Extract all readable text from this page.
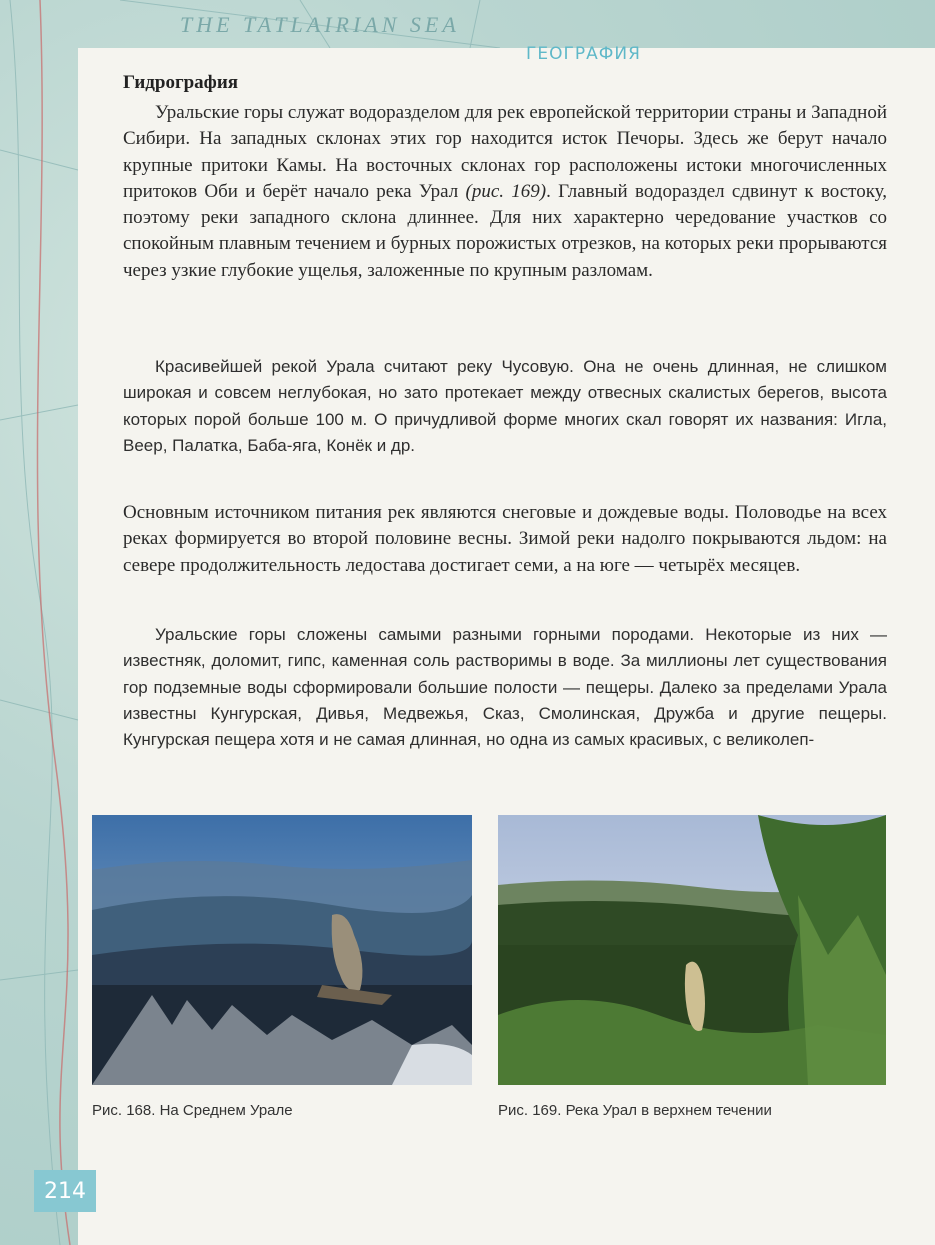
THE TATLAIRIAN SEA
ГЕОГРАФИЯ
Гидрография

Уральские горы служат водоразделом для рек европейской территории страны и Западной Сибири. На западных склонах этих гор находится исток Печоры. Здесь же берут начало крупные притоки Камы. На восточных склонах гор расположены истоки многочисленных притоков Оби и берёт начало река Урал (рис. 169). Главный водораздел сдвинут к востоку, поэтому реки западного склона длиннее. Для них характерно чередование участков со спокойным плавным течением и бурных порожистых отрезков, на которых реки прорываются через узкие глубокие ущелья, заложенные по крупным разломам.

Красивейшей рекой Урала считают реку Чусовую. Она не очень длинная, не слишком широкая и совсем неглубокая, но зато протекает между отвесных скалистых берегов, высота которых порой больше 100 м. О причудливой форме многих скал говорят их названия: Игла, Веер, Палатка, Баба-яга, Конёк и др.

Основным источником питания рек являются снеговые и дождевые воды. Половодье на всех реках формируется во второй половине весны. Зимой реки надолго покрываются льдом: на севере продолжительность ледостава достигает семи, а на юге — четырёх месяцев.

Уральские горы сложены самыми разными горными породами. Некоторые из них — известняк, доломит, гипс, каменная соль растворимы в воде. За миллионы лет существования гор подземные воды сформировали большие полости — пещеры. Далеко за пределами Урала известны Кунгурская, Дивья, Медвежья, Сказ, Смолинская, Дружба и другие пещеры. Кунгурская пещера хотя и не самая длинная, но одна из самых красивых, с великолеп-

Рис. 168. На Среднем Урале	Рис. 169. Река Урал в верхнем течении
214
